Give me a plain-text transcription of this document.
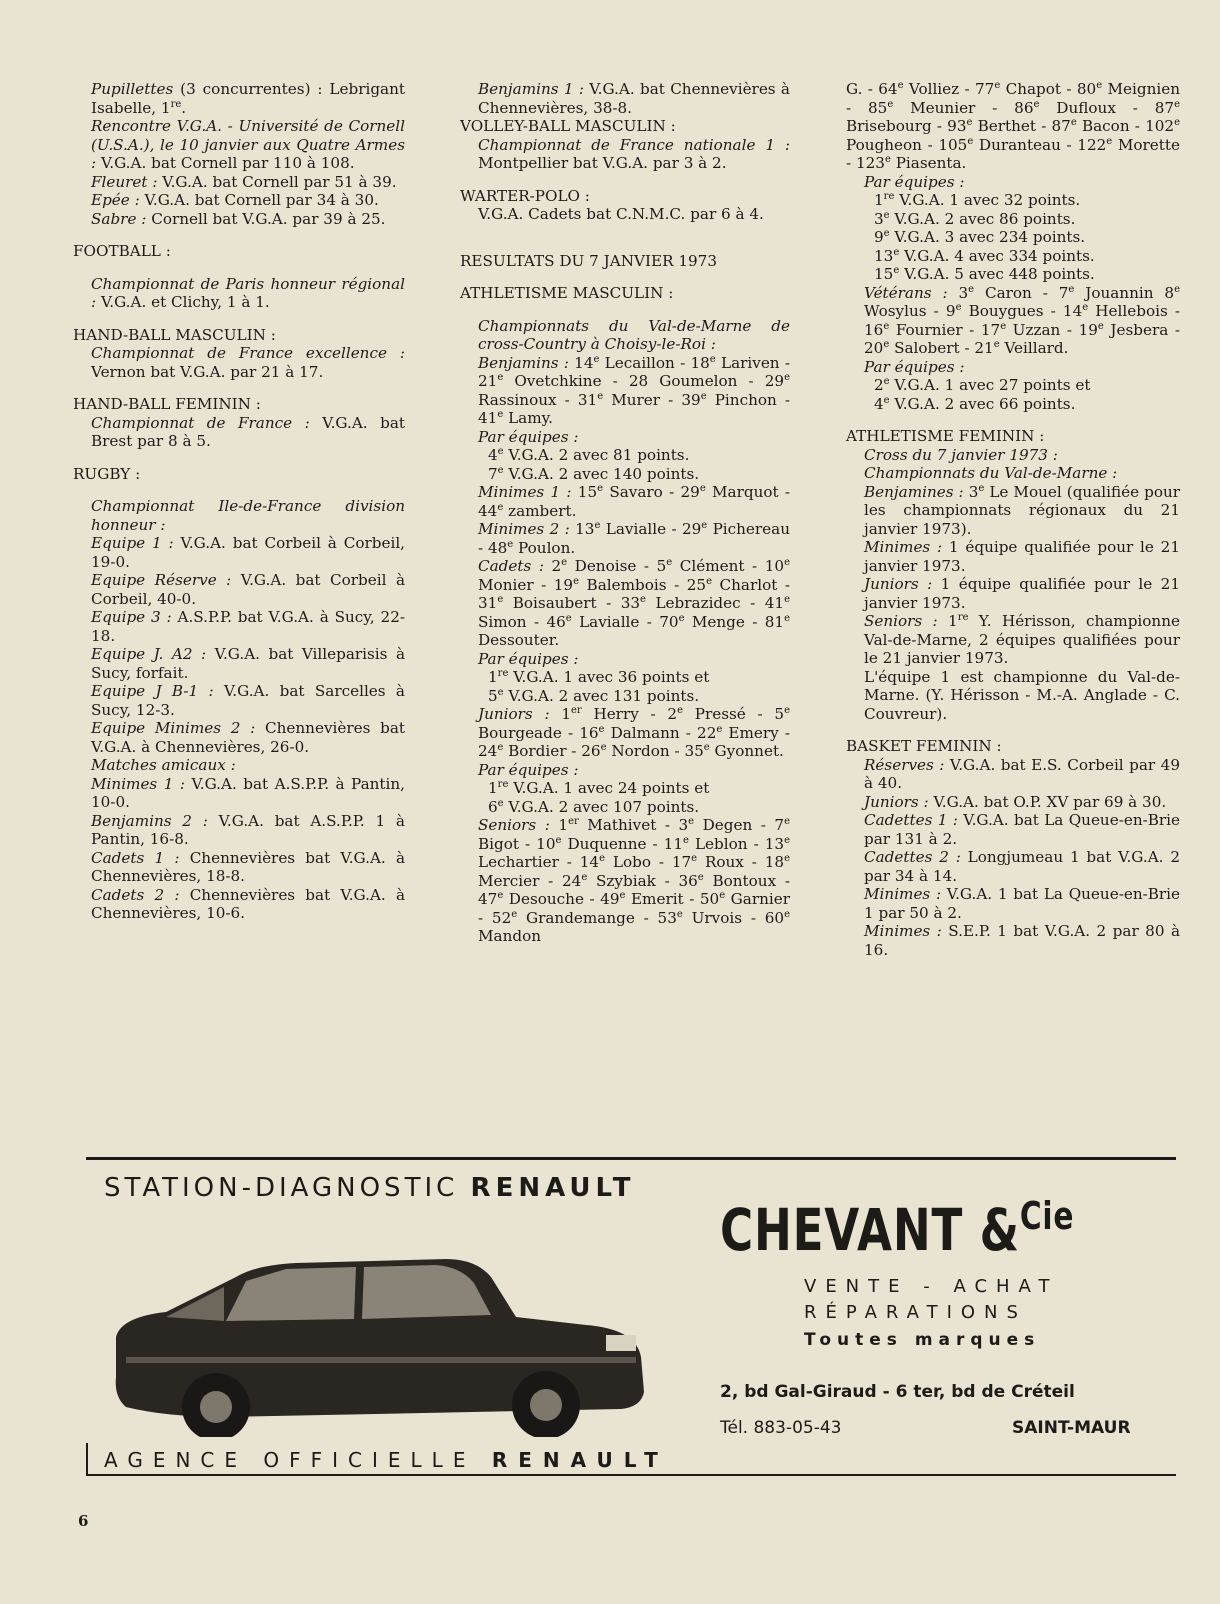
Pupillettes (3 concurrentes) : Lebrigant Isabelle, 1re.

Rencontre V.G.A. - Université de Cornell (U.S.A.), le 10 janvier aux Quatre Armes : V.G.A. bat Cornell par 110 à 108.

Fleuret : V.G.A. bat Cornell par 51 à 39.

Epée : V.G.A. bat Cornell par 34 à 30.

Sabre : Cornell bat V.G.A. par 39 à 25.

FOOTBALL :

Championnat de Paris honneur régional : V.G.A. et Clichy, 1 à 1.

HAND-BALL MASCULIN :

Championnat de France excellence : Vernon bat V.G.A. par 21 à 17.

HAND-BALL FEMININ :

Championnat de France : V.G.A. bat Brest par 8 à 5.

RUGBY :

Championnat Ile-de-France division honneur :

Equipe 1 : V.G.A. bat Corbeil à Corbeil, 19-0.

Equipe Réserve : V.G.A. bat Corbeil à Corbeil, 40-0.

Equipe 3 : A.S.P.P. bat V.G.A. à Sucy, 22-18.

Equipe J. A2 : V.G.A. bat Villeparisis à Sucy, forfait.

Equipe J B-1 : V.G.A. bat Sarcelles à Sucy, 12-3.

Equipe Minimes 2 : Chennevières bat V.G.A. à Chennevières, 26-0.

Matches amicaux :

Minimes 1 : V.G.A. bat A.S.P.P. à Pantin, 10-0.

Benjamins 2 : V.G.A. bat A.S.P.P. 1 à Pantin, 16-8.

Cadets 1 : Chennevières bat V.G.A. à Chennevières, 18-8.

Cadets 2 : Chennevières bat V.G.A. à Chennevières, 10-6.

Benjamins 1 : V.G.A. bat Chennevières à Chennevières, 38-8.

VOLLEY-BALL MASCULIN :

Championnat de France nationale 1 : Montpellier bat V.G.A. par 3 à 2.

WARTER-POLO :

V.G.A. Cadets bat C.N.M.C. par 6 à 4.

RESULTATS DU 7 JANVIER 1973

ATHLETISME MASCULIN :

Championnats du Val-de-Marne de cross-Country à Choisy-le-Roi :

Benjamins : 14e Lecaillon - 18e Lariven - 21e Ovetchkine - 28 Goumelon - 29e Rassinoux - 31e Murer - 39e Pinchon - 41e Lamy.

Par équipes :

4e V.G.A. 2 avec 81 points.

7e V.G.A. 2 avec 140 points.

Minimes 1 : 15e Savaro - 29e Marquot - 44e zambert.

Minimes 2 : 13e Lavialle - 29e Pichereau - 48e Poulon.

Cadets : 2e Denoise - 5e Clément - 10e Monier - 19e Balembois - 25e Charlot - 31e Boisaubert - 33e Lebrazidec - 41e Simon - 46e Lavialle - 70e Menge - 81e Dessouter.

Par équipes :

1re V.G.A. 1 avec 36 points et

5e V.G.A. 2 avec 131 points.

Juniors : 1er Herry - 2e Pressé - 5e Bourgeade - 16e Dalmann - 22e Emery - 24e Bordier - 26e Nordon - 35e Gyonnet.

Par équipes :

1re V.G.A. 1 avec 24 points et

6e V.G.A. 2 avec 107 points.

Seniors : 1er Mathivet - 3e Degen - 7e Bigot - 10e Duquenne - 11e Leblon - 13e Lechartier - 14e Lobo - 17e Roux - 18e Mercier - 24e Szybiak - 36e Bontoux - 47e Desouche - 49e Emerit - 50e Garnier - 52e Grandemange - 53e Urvois - 60e Mandon

G. - 64e Volliez - 77e Chapot - 80e Meignien - 85e Meunier - 86e Dufloux - 87e Brisebourg - 93e Berthet - 87e Bacon - 102e Pougheon - 105e Duranteau - 122e Morette - 123e Piasenta.

Par équipes :

1re V.G.A. 1 avec 32 points.

3e V.G.A. 2 avec 86 points.

9e V.G.A. 3 avec 234 points.

13e V.G.A. 4 avec 334 points.

15e V.G.A. 5 avec 448 points.

Vétérans : 3e Caron - 7e Jouannin 8e Wosylus - 9e Bouygues - 14e Hellebois - 16e Fournier - 17e Uzzan - 19e Jesbera - 20e Salobert - 21e Veillard.

Par équipes :

2e V.G.A. 1 avec 27 points et

4e V.G.A. 2 avec 66 points.

ATHLETISME FEMININ :

Cross du 7 janvier 1973 :

Championnats du Val-de-Marne :

Benjamines : 3e Le Mouel (qualifiée pour les championnats régionaux du 21 janvier 1973).

Minimes : 1 équipe qualifiée pour le 21 janvier 1973.

Juniors : 1 équipe qualifiée pour le 21 janvier 1973.

Seniors : 1re Y. Hérisson, championne Val-de-Marne, 2 équipes qualifiées pour le 21 janvier 1973.

L'équipe 1 est championne du Val-de-Marne. (Y. Hérisson - M.-A. Anglade - C. Couvreur).

BASKET FEMININ :

Réserves : V.G.A. bat E.S. Corbeil par 49 à 40.

Juniors : V.G.A. bat O.P. XV par 69 à 30.

Cadettes 1 : V.G.A. bat La Queue-en-Brie par 131 à 2.

Cadettes 2 : Longjumeau 1 bat V.G.A. 2 par 34 à 14.

Minimes : V.G.A. 1 bat La Queue-en-Brie 1 par 50 à 2.

Minimes : S.E.P. 1 bat V.G.A. 2 par 80 à 16.

STATION-DIAGNOSTIC RENAULT
CHEVANT &$^{Cie}$
VENTE - ACHAT
RÉPARATIONS
Toutes marques
2, bd Gal-Giraud - 6 ter, bd de Créteil
Tél. 883-05-43	SAINT-MAUR
AGENCE OFFICIELLE RENAULT
6
